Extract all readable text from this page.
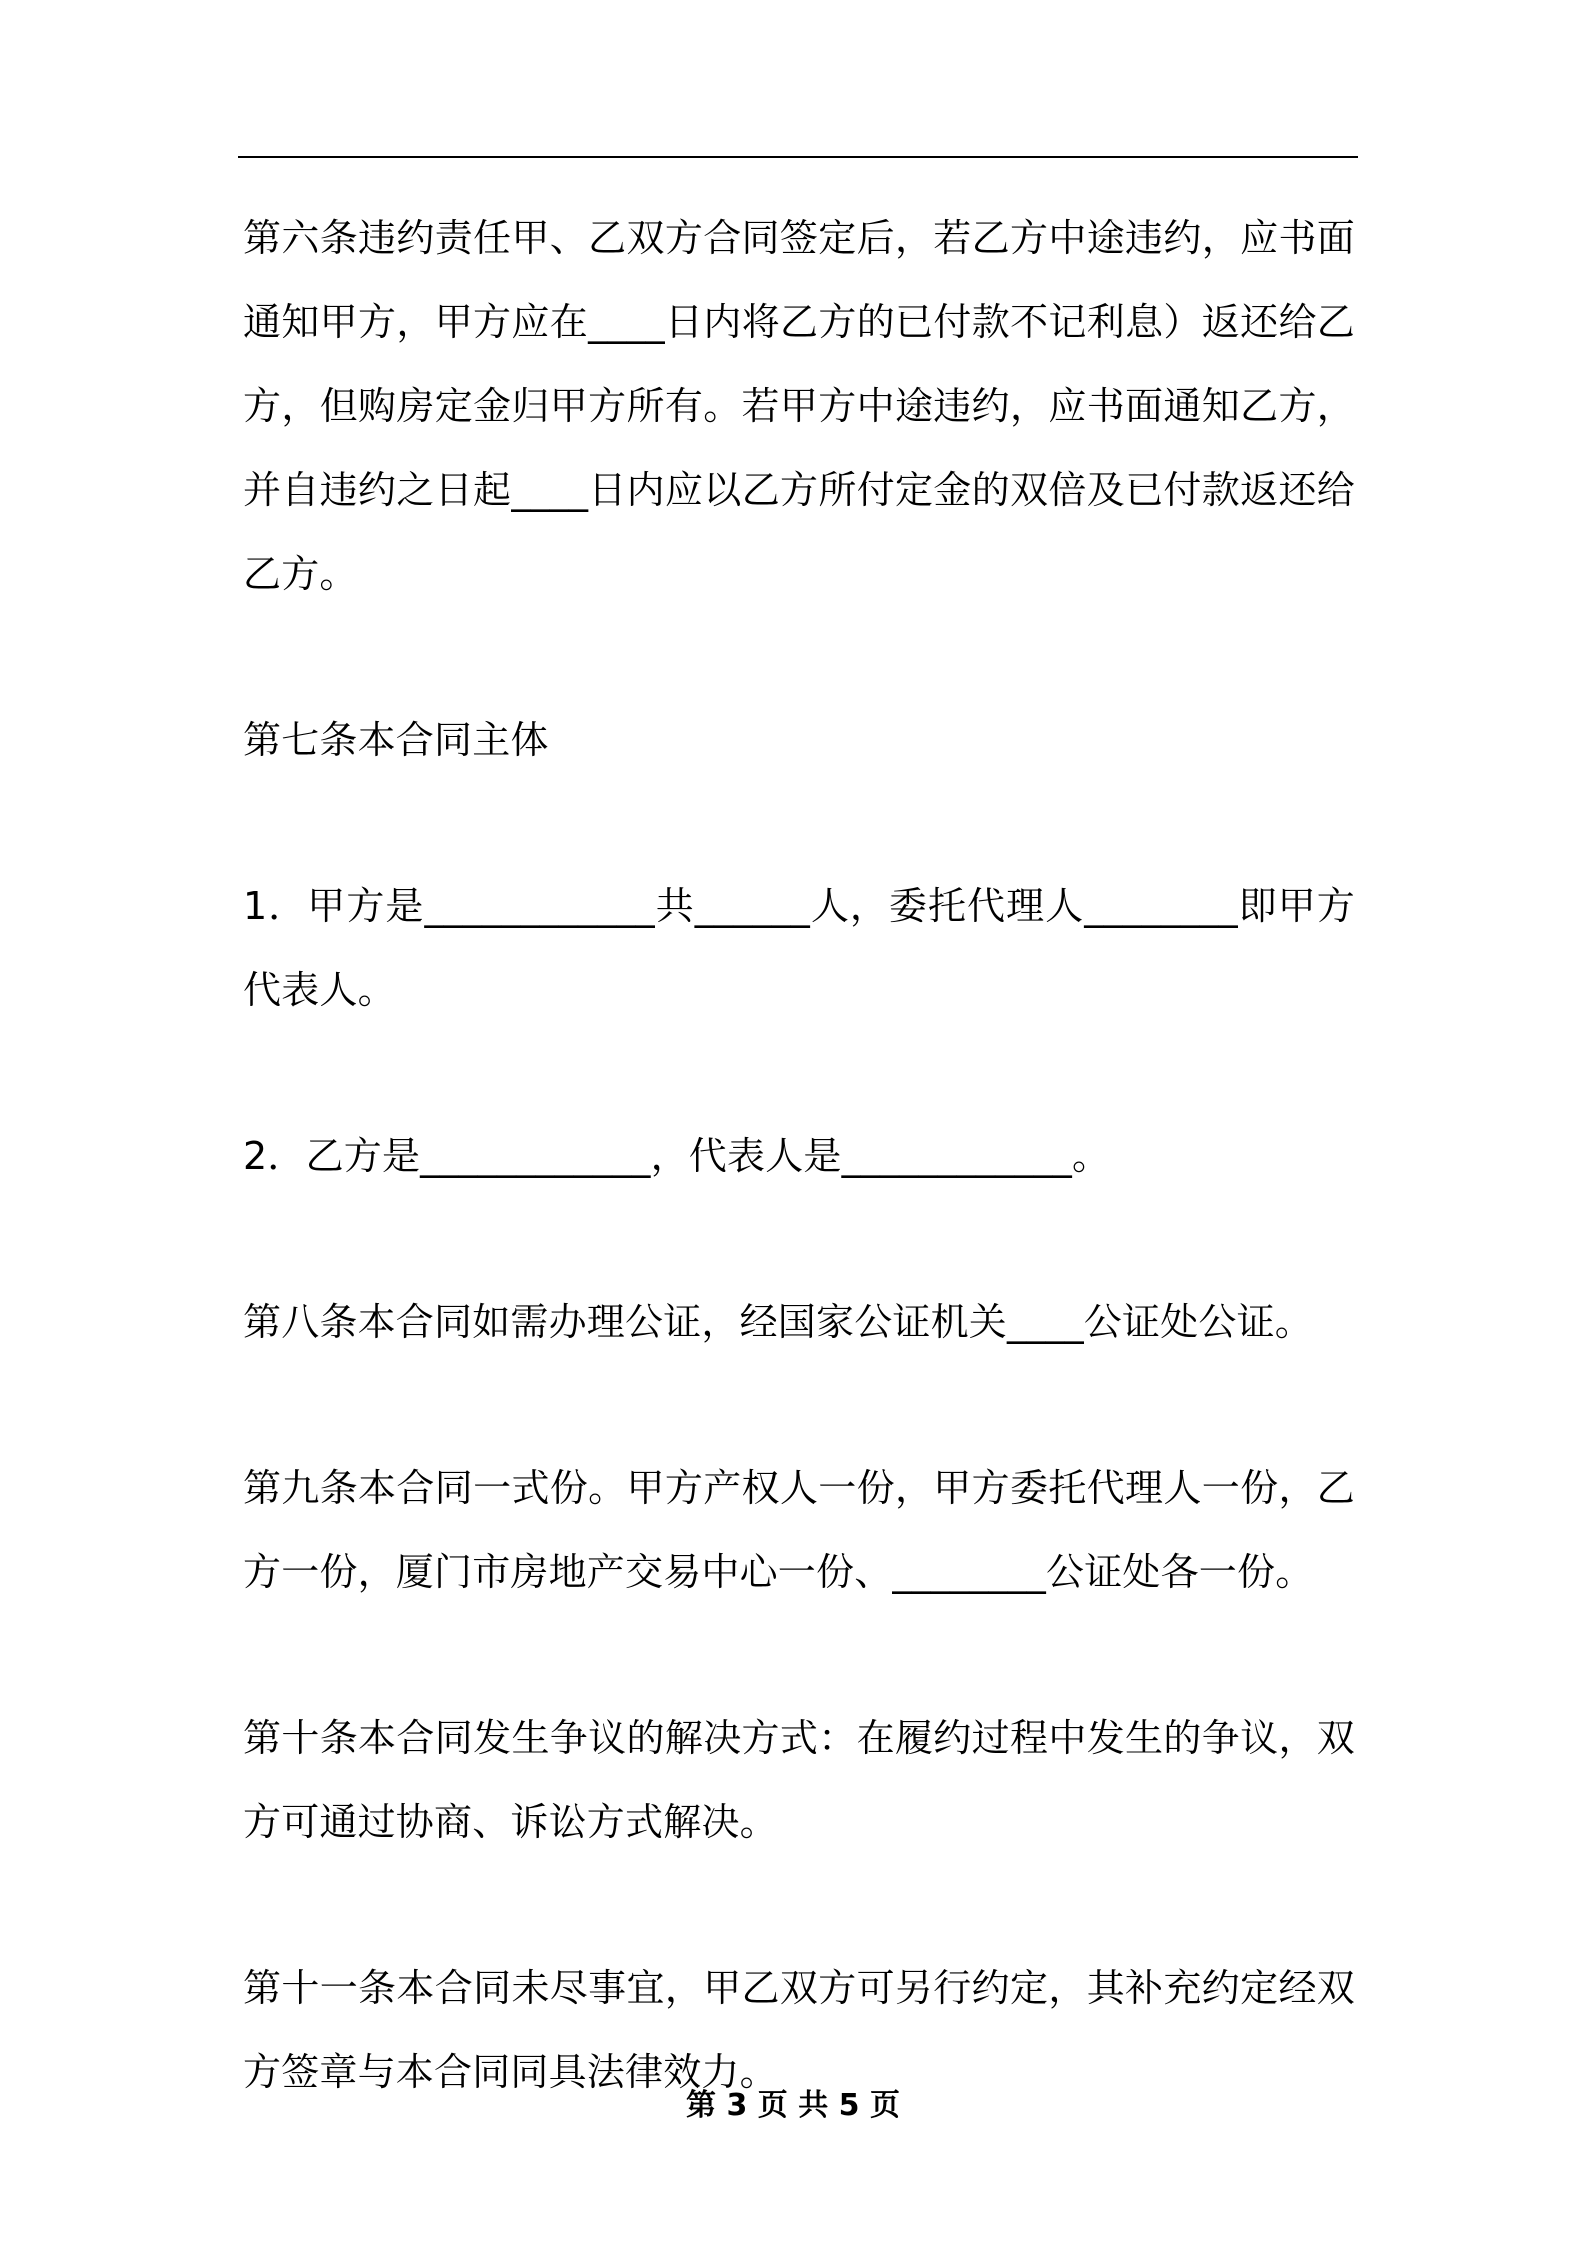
第六条违约责任甲、乙双方合同签定后，若乙方中途违约，应书面通知甲方，甲方应在____日内将乙方的已付款不记利息）返还给乙方，但购房定金归甲方所有。若甲方中途违约，应书面通知乙方，并自违约之日起____日内应以乙方所付定金的双倍及已付款返还给乙方。

第七条本合同主体

1．甲方是____________共______人，委托代理人________即甲方代表人。

2．乙方是____________，代表人是____________。

第八条本合同如需办理公证，经国家公证机关____公证处公证。

第九条本合同一式份。甲方产权人一份，甲方委托代理人一份，乙方一份，厦门市房地产交易中心一份、________公证处各一份。

第十条本合同发生争议的解决方式：在履约过程中发生的争议，双方可通过协商、诉讼方式解决。

第十一条本合同未尽事宜，甲乙双方可另行约定，其补充约定经双方签章与本合同同具法律效力。

第 3 页 共 5 页
